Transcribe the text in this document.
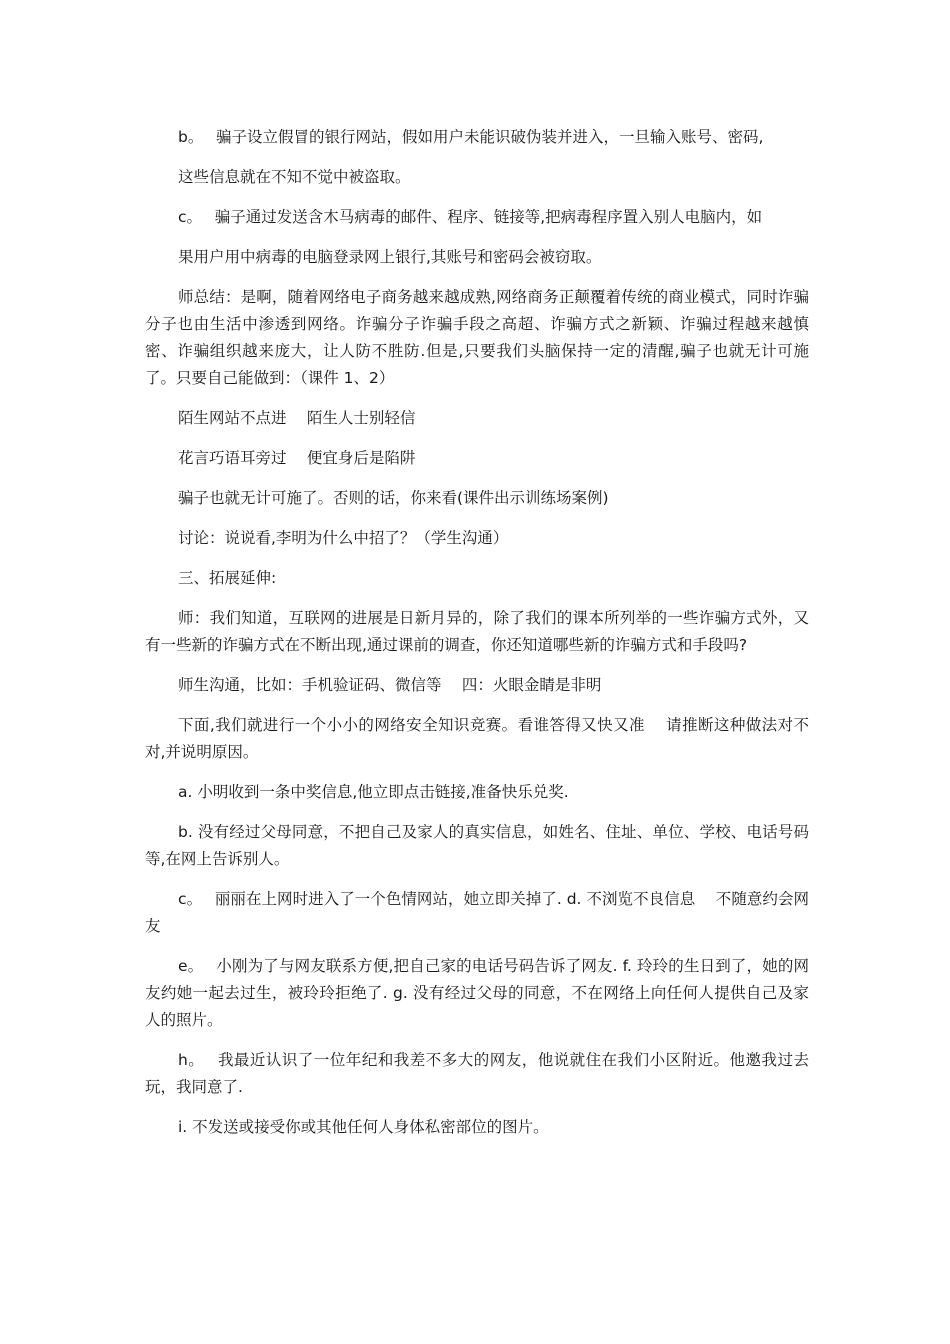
b。　 骗子设立假冒的银行网站，假如用户未能识破伪装并进入，一旦输入账号、密码,

这些信息就在不知不觉中被盗取。

c。　 骗子通过发送含木马病毒的邮件、程序、链接等,把病毒程序置入别人电脑内，如

果用户用中病毒的电脑登录网上银行,其账号和密码会被窃取。

师总结：是啊，随着网络电子商务越来越成熟,网络商务正颠覆着传统的商业模式，同时诈骗分子也由生活中渗透到网络。诈骗分子诈骗手段之高超、诈骗方式之新颖、诈骗过程越来越慎密、诈骗组织越来庞大，让人防不胜防.但是,只要我们头脑保持一定的清醒,骗子也就无计可施了。只要自己能做到：（课件 1、2）

陌生网站不点进　 陌生人士别轻信

花言巧语耳旁过　 便宜身后是陷阱

骗子也就无计可施了。否则的话，你来看(课件出示训练场案例)

讨论：说说看,李明为什么中招了？（学生沟通）

三、拓展延伸:

师：我们知道，互联网的进展是日新月异的，除了我们的课本所列举的一些诈骗方式外，又有一些新的诈骗方式在不断出现,通过课前的调查，你还知道哪些新的诈骗方式和手段吗?

师生沟通，比如：手机验证码、微信等　 四：火眼金睛是非明

下面,我们就进行一个小小的网络安全知识竞赛。看谁答得又快又准　 请推断这种做法对不对,并说明原因。

a. 小明收到一条中奖信息,他立即点击链接,准备快乐兑奖.

b. 没有经过父母同意，不把自己及家人的真实信息，如姓名、住址、单位、学校、电话号码等,在网上告诉别人。

c。　 丽丽在上网时进入了一个色情网站，她立即关掉了. d. 不浏览不良信息　 不随意约会网友

e。　 小刚为了与网友联系方便,把自己家的电话号码告诉了网友. f. 玲玲的生日到了，她的网友约她一起去过生，被玲玲拒绝了. g. 没有经过父母的同意，不在网络上向任何人提供自己及家人的照片。

h。　 我最近认识了一位年纪和我差不多大的网友，他说就住在我们小区附近。他邀我过去玩，我同意了.

i. 不发送或接受你或其他任何人身体私密部位的图片。
